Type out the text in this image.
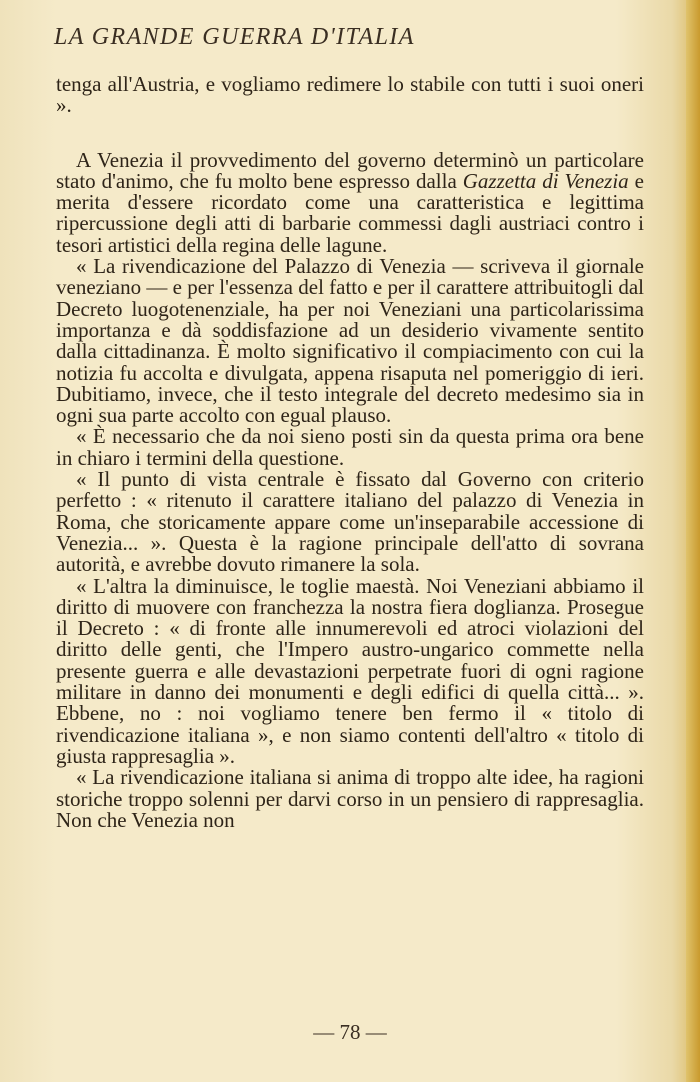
LA GRANDE GUERRA D'ITALIA

tenga all'Austria, e vogliamo redimere lo stabile con tutti i suoi oneri ».

A Venezia il provvedimento del governo determinò un particolare stato d'animo, che fu molto bene espresso dalla Gazzetta di Venezia e merita d'essere ricordato come una caratteristica e legittima ripercussione degli atti di barbarie commessi dagli austriaci contro i tesori artistici della regina delle lagune.

« La rivendicazione del Palazzo di Venezia — scriveva il giornale veneziano — e per l'essenza del fatto e per il carattere attribuitogli dal Decreto luogotenenziale, ha per noi Veneziani una particolarissima importanza e dà soddisfazione ad un desiderio vivamente sentito dalla cittadinanza. È molto significativo il compiacimento con cui la notizia fu accolta e divulgata, appena risaputa nel pomeriggio di ieri. Dubitiamo, invece, che il testo integrale del decreto medesimo sia in ogni sua parte accolto con egual plauso.

« È necessario che da noi sieno posti sin da questa prima ora bene in chiaro i termini della questione.

« Il punto di vista centrale è fissato dal Governo con criterio perfetto : « ritenuto il carattere italiano del palazzo di Venezia in Roma, che storicamente appare come un'inseparabile accessione di Venezia... ». Questa è la ragione principale dell'atto di sovrana autorità, e avrebbe dovuto rimanere la sola.

« L'altra la diminuisce, le toglie maestà. Noi Veneziani abbiamo il diritto di muovere con franchezza la nostra fiera doglianza. Prosegue il Decreto : « di fronte alle innumerevoli ed atroci violazioni del diritto delle genti, che l'Impero austro-ungarico commette nella presente guerra e alle devastazioni perpetrate fuori di ogni ragione militare in danno dei monumenti e degli edifici di quella città... ». Ebbene, no : noi vogliamo tenere ben fermo il « titolo di rivendicazione italiana », e non siamo contenti dell'altro « titolo di giusta rappresaglia ».

« La rivendicazione italiana si anima di troppo alte idee, ha ragioni storiche troppo solenni per darvi corso in un pensiero di rappresaglia. Non che Venezia non

— 78 —
